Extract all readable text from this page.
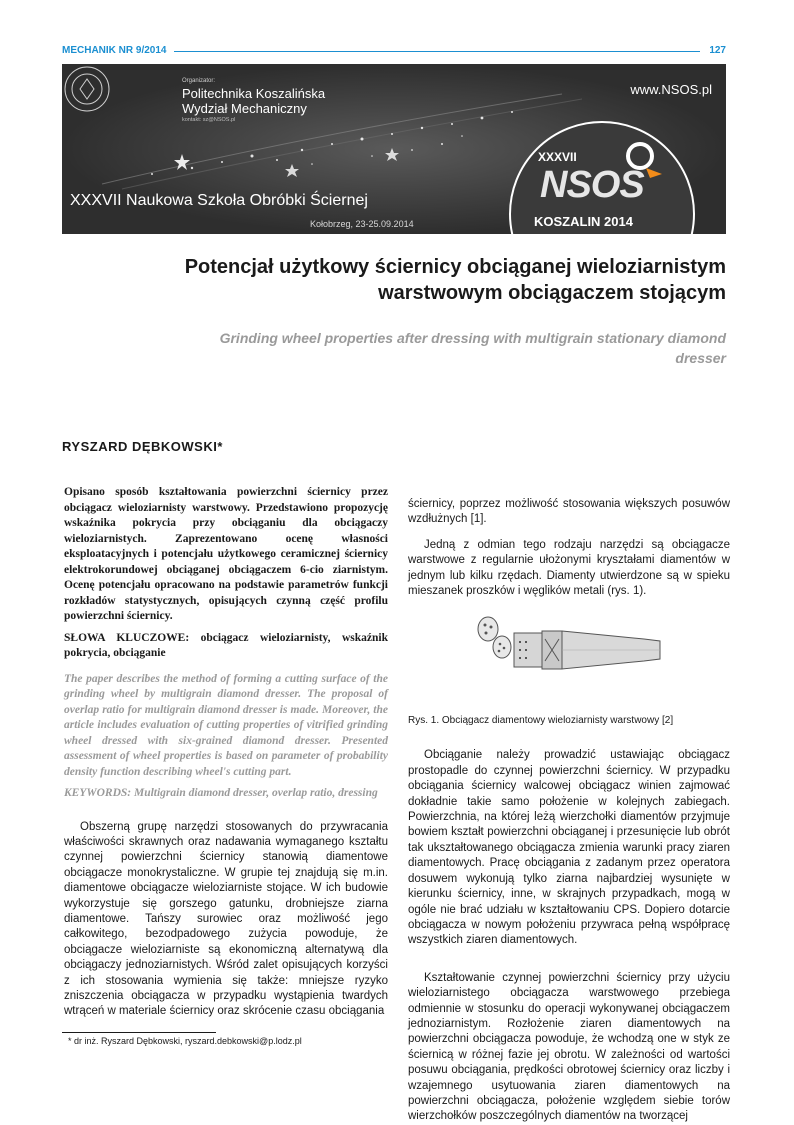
MECHANIK NR 9/2014	127
Organizator:
Politechnika Koszalińska
Wydział Mechaniczny
kontakt: sz@NSOS.pl
www.NSOS.pl
XXXVII Naukowa Szkoła Obróbki Ściernej
Kołobrzeg, 23-25.09.2014
XXXVII
NSOS
KOSZALIN 2014
Potencjał użytkowy ściernicy obciąganej wieloziarnistym
warstwowym obciągaczem stojącym
Grinding wheel properties after dressing with multigrain stationary diamond
dresser
RYSZARD DĘBKOWSKI*

Opisano sposób kształtowania powierzchni ściernicy przez obciągacz wieloziarnisty warstwowy. Przedstawiono propozycję wskaźnika pokrycia przy obciąganiu dla obciągaczy wieloziarnistych. Zaprezentowano ocenę własności eksploatacyjnych i potencjału użytkowego ceramicznej ściernicy elektrokorundowej obciąganej obciągaczem 6-cio ziarnistym. Ocenę potencjału opracowano na podstawie parametrów funkcji rozkładów statystycznych, opisujących czynną część profilu powierzchni ściernicy.

SŁOWA KLUCZOWE: obciągacz wieloziarnisty, wskaźnik pokrycia, obciąganie

The paper describes the method of forming a cutting surface of the grinding wheel by multigrain diamond dresser. The proposal of overlap ratio for multigrain diamond dresser is made. Moreover, the article includes evaluation of cutting properties of vitrified grinding wheel dressed with six-grained diamond dresser. Presented assessment of wheel properties is based on parameter of probability density function describing wheel's cutting part.

KEYWORDS: Multigrain diamond dresser, overlap ratio, dressing

Obszerną grupę narzędzi stosowanych do przywracania właściwości skrawnych oraz nadawania wymaganego kształtu czynnej powierzchni ściernicy stanowią diamentowe obciągacze monokrystaliczne. W grupie tej znajdują się m.in. diamentowe obciągacze wieloziarniste stojące. W ich budowie wykorzystuje się gorszego gatunku, drobniejsze ziarna diamentowe. Tańszy surowiec oraz możliwość jego całkowitego, bezodpadowego zużycia powoduje, że obciągacze wieloziarniste są ekonomiczną alternatywą dla obciągaczy jednoziarnistych. Wśród zalet opisujących korzyści z ich stosowania wymienia się także: mniejsze ryzyko zniszczenia obciągacza w przypadku wystąpienia twardych wtrąceń w materiale ściernicy oraz skrócenie czasu obciągania

ściernicy, poprzez możliwość stosowania większych posuwów wzdłużnych [1].

Jedną z odmian tego rodzaju narzędzi są obciągacze warstwowe z regularnie ułożonymi kryształami diamentów w jednym lub kilku rzędach. Diamenty utwierdzone są w spieku mieszanek proszków i węglików metali (rys. 1).

Rys. 1. Obciągacz diamentowy wieloziarnisty warstwowy [2]

Obciąganie należy prowadzić ustawiając obciągacz prostopadle do czynnej powierzchni ściernicy. W przypadku obciągania ściernicy walcowej obciągacz winien zajmować dokładnie takie samo położenie w kolejnych zabiegach. Powierzchnia, na której leżą wierzchołki diamentów przyjmuje bowiem kształt powierzchni obciąganej i przesunięcie lub obrót tak ukształtowanego obciągacza zmienia warunki pracy ziaren diamentowych. Pracę obciągania z zadanym przez operatora dosuwem wykonują tylko ziarna najbardziej wysunięte w kierunku ściernicy, inne, w skrajnych przypadkach, mogą w ogóle nie brać udziału w kształtowaniu CPS. Dopiero dotarcie obciągacza w nowym położeniu przywraca pełną współpracę wszystkich ziaren diamentowych.

Kształtowanie czynnej powierzchni ściernicy przy użyciu wieloziarnistego obciągacza warstwowego przebiega odmiennie w stosunku do operacji wykonywanej obciągaczem jednoziarnistym. Rozłożenie ziaren diamentowych na powierzchni obciągacza powoduje, że wchodzą one w styk ze ściernicą w różnej fazie jej obrotu. W zależności od wartości posuwu obciągania, prędkości obrotowej ściernicy oraz liczby i wzajemnego usytuowania ziaren diamentowych na powierzchni obciągacza, położenie względem siebie torów wierzchołków poszczególnych diamentów na tworzącej

* dr inż. Ryszard Dębkowski, ryszard.debkowski@p.lodz.pl
